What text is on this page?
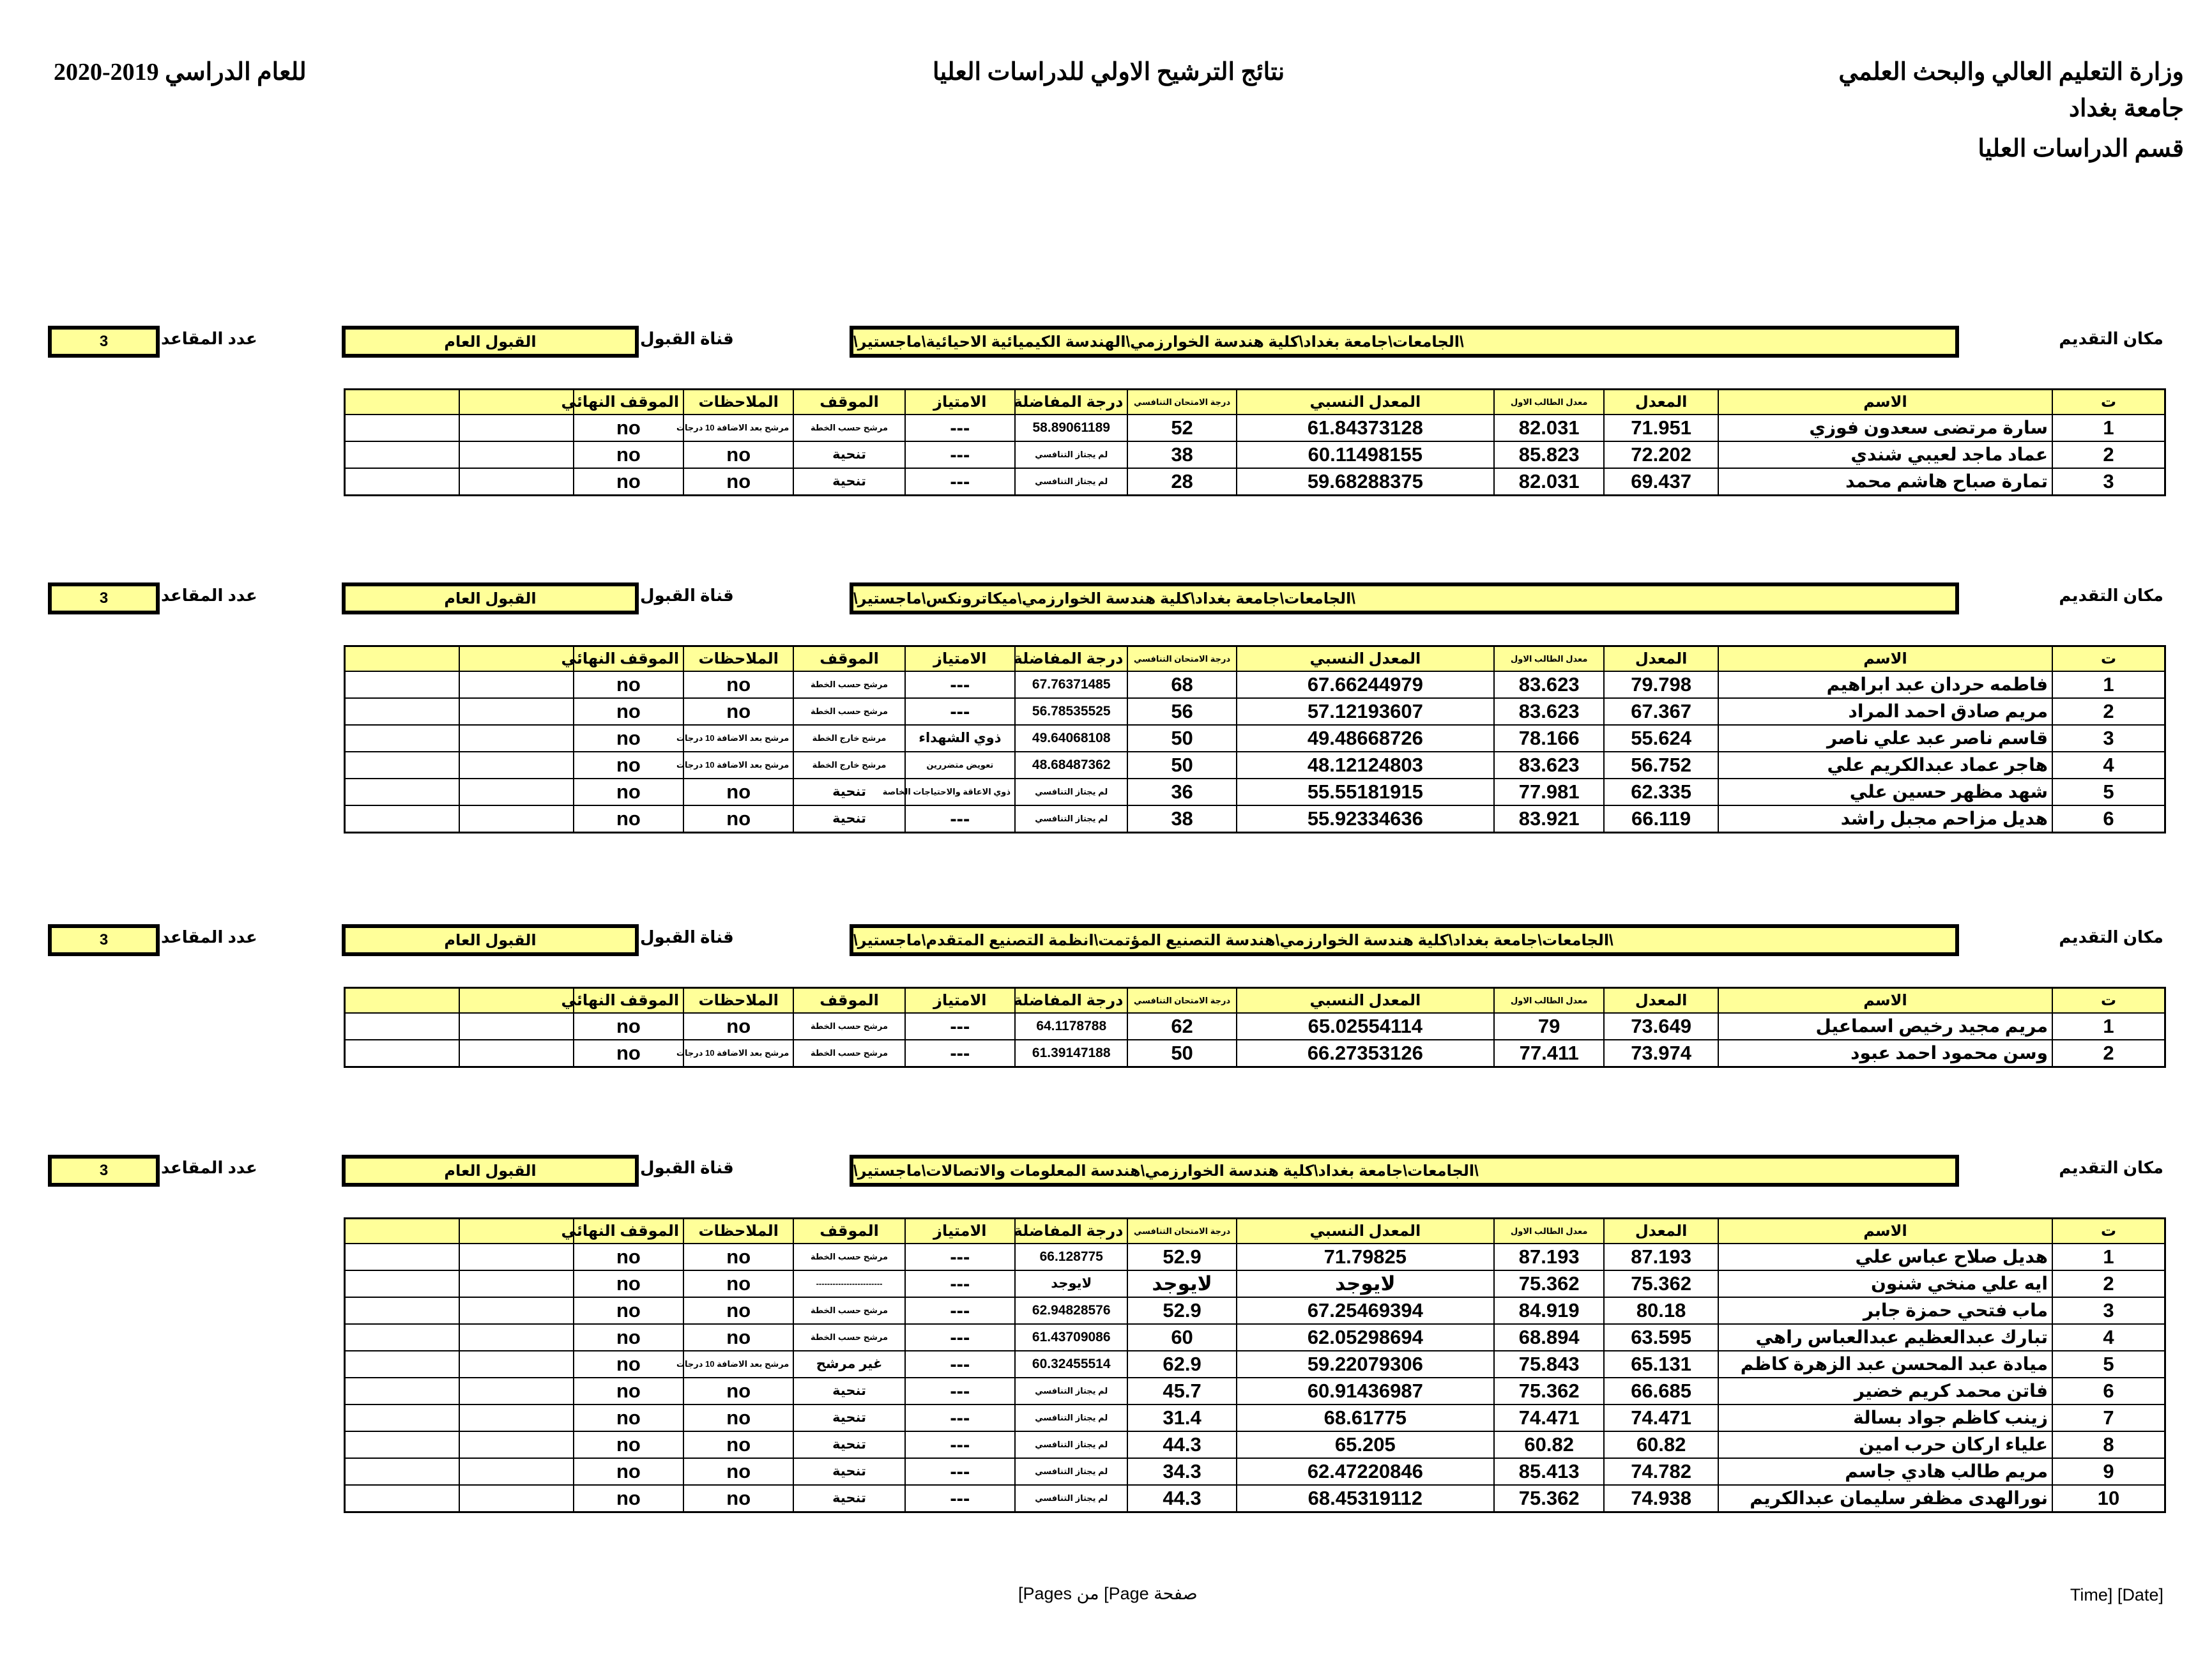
وزارة التعليم العالي والبحث العلمي
جامعة بغداد
قسم الدراسات العليا
نتائج الترشيح الاولي للدراسات العليا
للعام الدراسي 2019-2020
مكان التقديم
\الجامعات\جامعة بغداد\كلية هندسة الخوارزمي\الهندسة الكيميائية الاحيائية\ماجستير\
قناة القبول
القبول العام
عدد المقاعد
3
ت	الاسم	المعدل	معدل الطالب الاول	المعدل النسبي	درجة الامتحان التنافسي	درجة المفاضلة	الامتياز	الموقف	الملاحظات	الموقف النهائي		
1	سارة مرتضى سعدون فوزي	71.951	82.031	61.84373128	52	58.89061189	---	مرشح حسب الخطة	مرشح بعد الاضافة 10 درجات	no		
2	عماد ماجد لعيبي شندي	72.202	85.823	60.11498155	38	لم يجتاز التنافسي	---	تنحية	no	no		
3	تمارة صباح هاشم محمد	69.437	82.031	59.68288375	28	لم يجتاز التنافسي	---	تنحية	no	no		
مكان التقديم
\الجامعات\جامعة بغداد\كلية هندسة الخوارزمي\ميكاترونكس\ماجستير\
قناة القبول
القبول العام
عدد المقاعد
3
ت	الاسم	المعدل	معدل الطالب الاول	المعدل النسبي	درجة الامتحان التنافسي	درجة المفاضلة	الامتياز	الموقف	الملاحظات	الموقف النهائي		
1	فاطمه حردان عبد ابراهيم	79.798	83.623	67.66244979	68	67.76371485	---	مرشح حسب الخطة	no	no		
2	مريم صادق احمد المراد	67.367	83.623	57.12193607	56	56.78535525	---	مرشح حسب الخطة	no	no		
3	قاسم ناصر عبد علي ناصر	55.624	78.166	49.48668726	50	49.64068108	ذوي الشهداء	مرشح خارج الخطة	مرشح بعد الاضافة 10 درجات	no		
4	هاجر عماد عبدالكريم علي	56.752	83.623	48.12124803	50	48.68487362	تعويض متضررين	مرشح خارج الخطة	مرشح بعد الاضافة 10 درجات	no		
5	شهد مظهر حسين علي	62.335	77.981	55.55181915	36	لم يجتاز التنافسي	ذوي الاعاقة والاحتياجات الخاصة	تنحية	no	no		
6	هديل مزاحم مجبل راشد	66.119	83.921	55.92334636	38	لم يجتاز التنافسي	---	تنحية	no	no		
مكان التقديم
\الجامعات\جامعة بغداد\كلية هندسة الخوارزمي\هندسة التصنيع المؤتمت\انظمة التصنيع المتقدم\ماجستير\
قناة القبول
القبول العام
عدد المقاعد
3
ت	الاسم	المعدل	معدل الطالب الاول	المعدل النسبي	درجة الامتحان التنافسي	درجة المفاضلة	الامتياز	الموقف	الملاحظات	الموقف النهائي		
1	مريم مجيد رخيص اسماعيل	73.649	79	65.02554114	62	64.1178788	---	مرشح حسب الخطة	no	no		
2	وسن محمود احمد عبود	73.974	77.411	66.27353126	50	61.39147188	---	مرشح حسب الخطة	مرشح بعد الاضافة 10 درجات	no		
مكان التقديم
\الجامعات\جامعة بغداد\كلية هندسة الخوارزمي\هندسة المعلومات والاتصالات\ماجستير\
قناة القبول
القبول العام
عدد المقاعد
3
ت	الاسم	المعدل	معدل الطالب الاول	المعدل النسبي	درجة الامتحان التنافسي	درجة المفاضلة	الامتياز	الموقف	الملاحظات	الموقف النهائي		
1	هديل صلاح عباس علي	87.193	87.193	71.79825	52.9	66.128775	---	مرشح حسب الخطة	no	no		
2	ايه علي منخي شنون	75.362	75.362	لايوجد	لايوجد	لايوجد	---	------------------------	no	no		
3	ماب فتحي حمزة جابر	80.18	84.919	67.25469394	52.9	62.94828576	---	مرشح حسب الخطة	no	no		
4	تبارك عبدالعظيم عبدالعباس راهي	63.595	68.894	62.05298694	60	61.43709086	---	مرشح حسب الخطة	no	no		
5	ميادة عبد المحسن عبد الزهرة كاظم	65.131	75.843	59.22079306	62.9	60.32455514	---	غير مرشح	مرشح بعد الاضافة 10 درجات	no		
6	فاتن محمد كريم خضير	66.685	75.362	60.91436987	45.7	لم يجتاز التنافسي	---	تنحية	no	no		
7	زينب كاظم جواد بسالة	74.471	74.471	68.61775	31.4	لم يجتاز التنافسي	---	تنحية	no	no		
8	علياء اركان حرب امين	60.82	60.82	65.205	44.3	لم يجتاز التنافسي	---	تنحية	no	no		
9	مريم طالب هادي جاسم	74.782	85.413	62.47220846	34.3	لم يجتاز التنافسي	---	تنحية	no	no		
10	نورالهدى مظفر سليمان عبدالكريم	74.938	75.362	68.45319112	44.3	لم يجتاز التنافسي	---	تنحية	no	no		
[Pages من [Page صفحة	[Date] [Time
